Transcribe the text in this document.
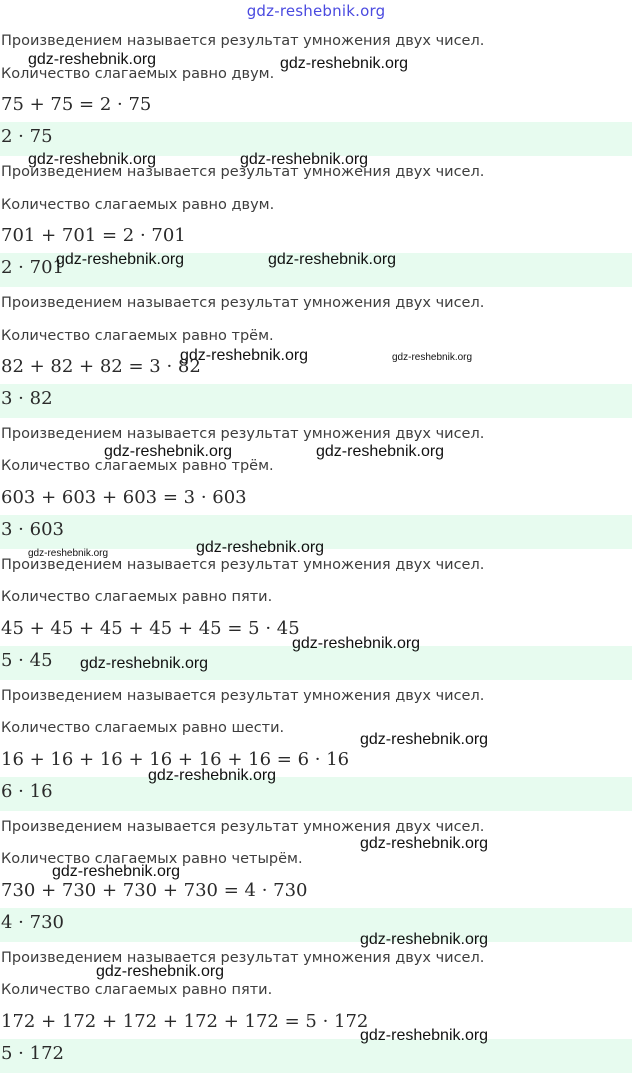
gdz-reshebnik.org
Произведением называется результат умножения двух чисел.
Количество слагаемых равно двум.
75 + 75 = 2 · 75
2 · 75
Произведением называется результат умножения двух чисел.
Количество слагаемых равно двум.
701 + 701 = 2 · 701
2 · 701
Произведением называется результат умножения двух чисел.
Количество слагаемых равно трём.
82 + 82 + 82 = 3 · 82
3 · 82
Произведением называется результат умножения двух чисел.
Количество слагаемых равно трём.
603 + 603 + 603 = 3 · 603
3 · 603
Произведением называется результат умножения двух чисел.
Количество слагаемых равно пяти.
45 + 45 + 45 + 45 + 45 = 5 · 45
5 · 45
Произведением называется результат умножения двух чисел.
Количество слагаемых равно шести.
16 + 16 + 16 + 16 + 16 + 16 = 6 · 16
6 · 16
Произведением называется результат умножения двух чисел.
Количество слагаемых равно четырём.
730 + 730 + 730 + 730 = 4 · 730
4 · 730
Произведением называется результат умножения двух чисел.
Количество слагаемых равно пяти.
172 + 172 + 172 + 172 + 172 = 5 · 172
5 · 172
gdz-reshebnik.org	gdz-reshebnik.org
gdz-reshebnik.org	gdz-reshebnik.org
gdz-reshebnik.org	gdz-reshebnik.org
gdz-reshebnik.org	gdz-reshebnik.org
gdz-reshebnik.org	gdz-reshebnik.org
gdz-reshebnik.org	gdz-reshebnik.org
gdz-reshebnik.org
gdz-reshebnik.org
gdz-reshebnik.org
gdz-reshebnik.org
gdz-reshebnik.org
gdz-reshebnik.org
gdz-reshebnik.org
gdz-reshebnik.org
gdz-reshebnik.org
